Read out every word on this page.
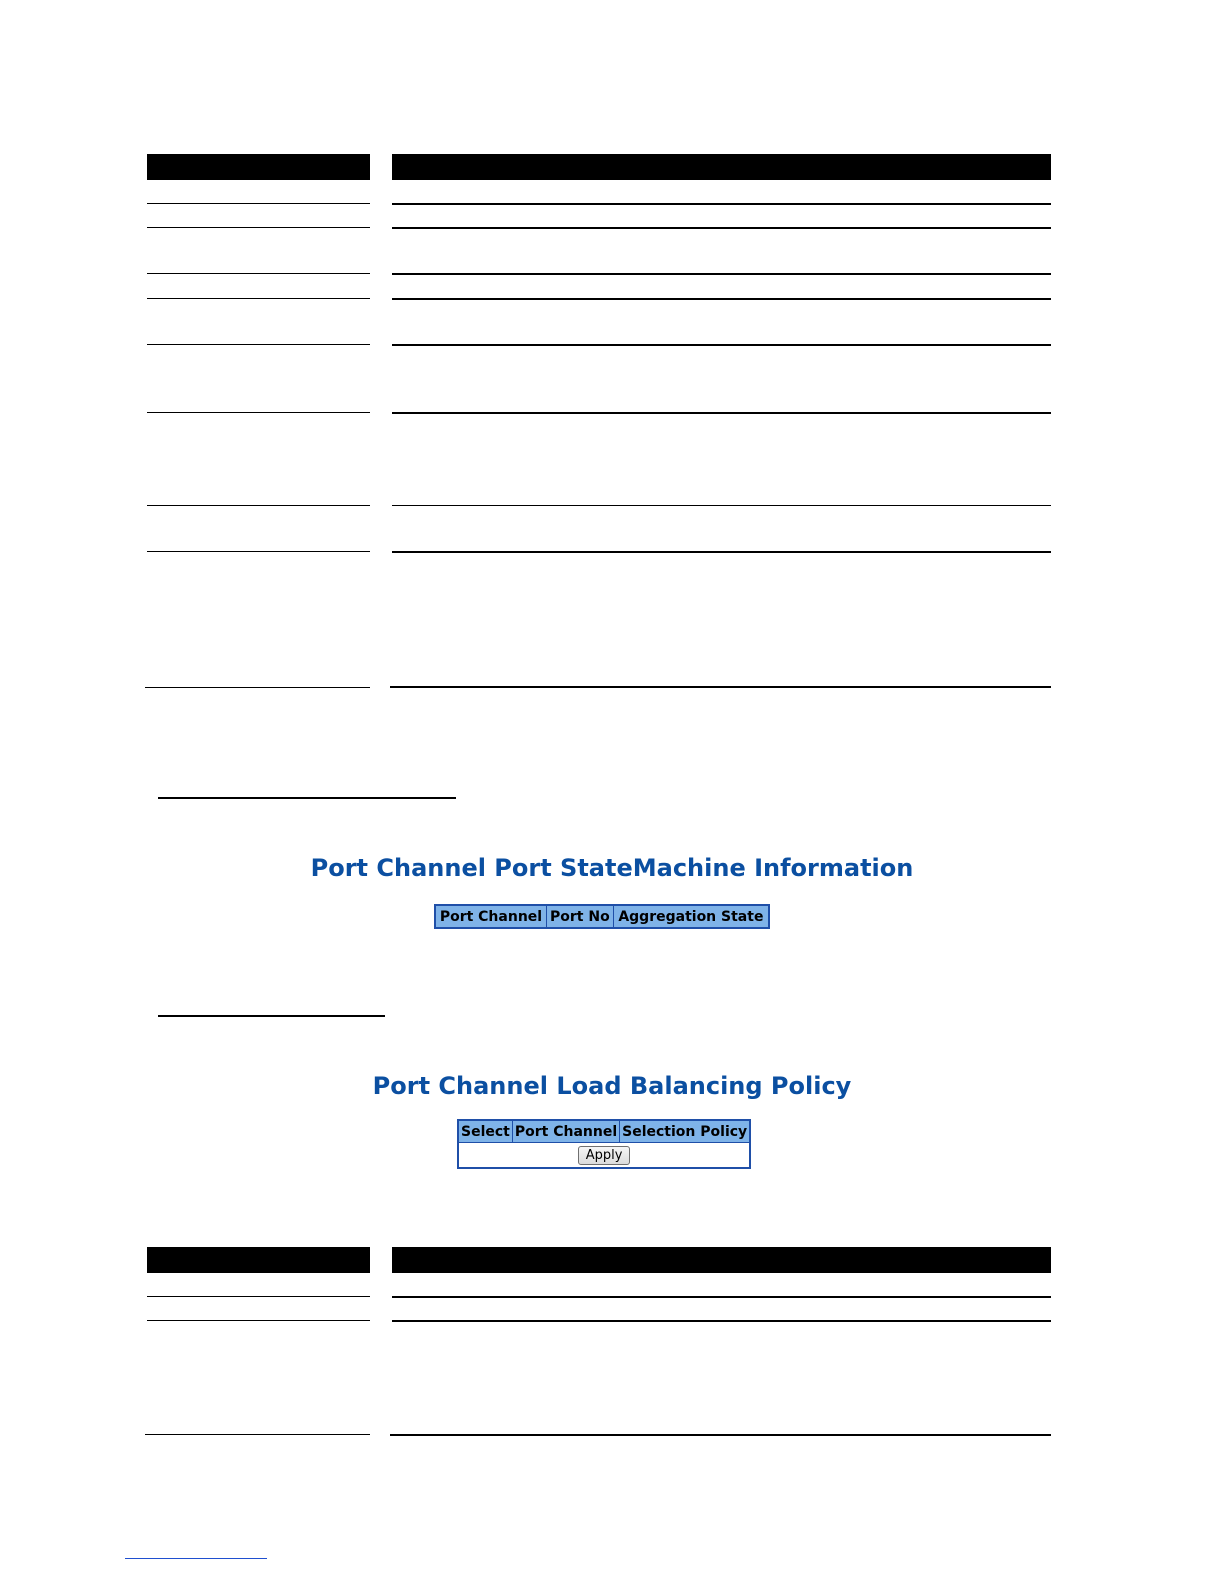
Port Channel Port StateMachine Information
Port Channel	Port No	Aggregation State
Port Channel Load Balancing Policy
Select	Port Channel	Selection Policy
Apply
